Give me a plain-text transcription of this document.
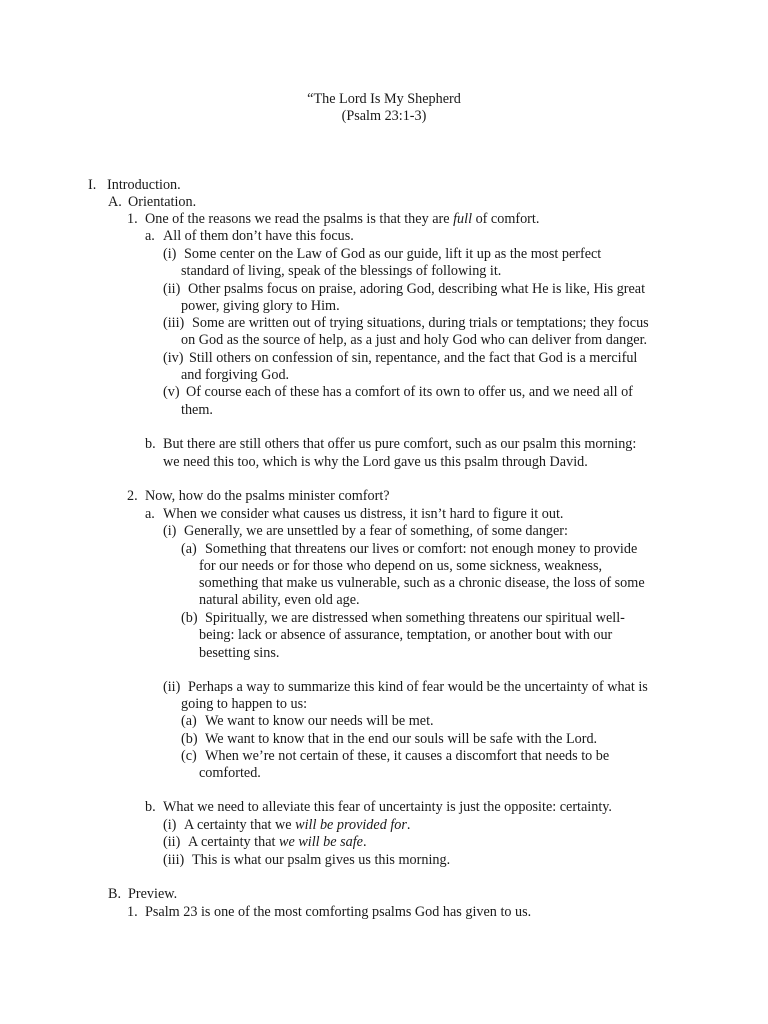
“The Lord Is My Shepherd
(Psalm 23:1-3)
I. Introduction.
A. Orientation.
1. One of the reasons we read the psalms is that they are full of comfort.
a. All of them don’t have this focus.
(i) Some center on the Law of God as our guide, lift it up as the most perfect
standard of living, speak of the blessings of following it.
(ii) Other psalms focus on praise, adoring God, describing what He is like, His great
power, giving glory to Him.
(iii) Some are written out of trying situations, during trials or temptations; they focus
on God as the source of help, as a just and holy God who can deliver from danger.
(iv) Still others on confession of sin, repentance, and the fact that God is a merciful
and forgiving God.
(v) Of course each of these has a comfort of its own to offer us, and we need all of
them.
b. But there are still others that offer us pure comfort, such as our psalm this morning:
we need this too, which is why the Lord gave us this psalm through David.
2. Now, how do the psalms minister comfort?
a. When we consider what causes us distress, it isn’t hard to figure it out.
(i) Generally, we are unsettled by a fear of something, of some danger:
(a) Something that threatens our lives or comfort: not enough money to provide
for our needs or for those who depend on us, some sickness, weakness,
something that make us vulnerable, such as a chronic disease, the loss of some
natural ability, even old age.
(b) Spiritually, we are distressed when something threatens our spiritual well-
being: lack or absence of assurance, temptation, or another bout with our
besetting sins.
(ii) Perhaps a way to summarize this kind of fear would be the uncertainty of what is
going to happen to us:
(a) We want to know our needs will be met.
(b) We want to know that in the end our souls will be safe with the Lord.
(c) When we’re not certain of these, it causes a discomfort that needs to be
comforted.
b. What we need to alleviate this fear of uncertainty is just the opposite: certainty.
(i) A certainty that we will be provided for.
(ii) A certainty that we will be safe.
(iii) This is what our psalm gives us this morning.
B. Preview.
1. Psalm 23 is one of the most comforting psalms God has given to us.
